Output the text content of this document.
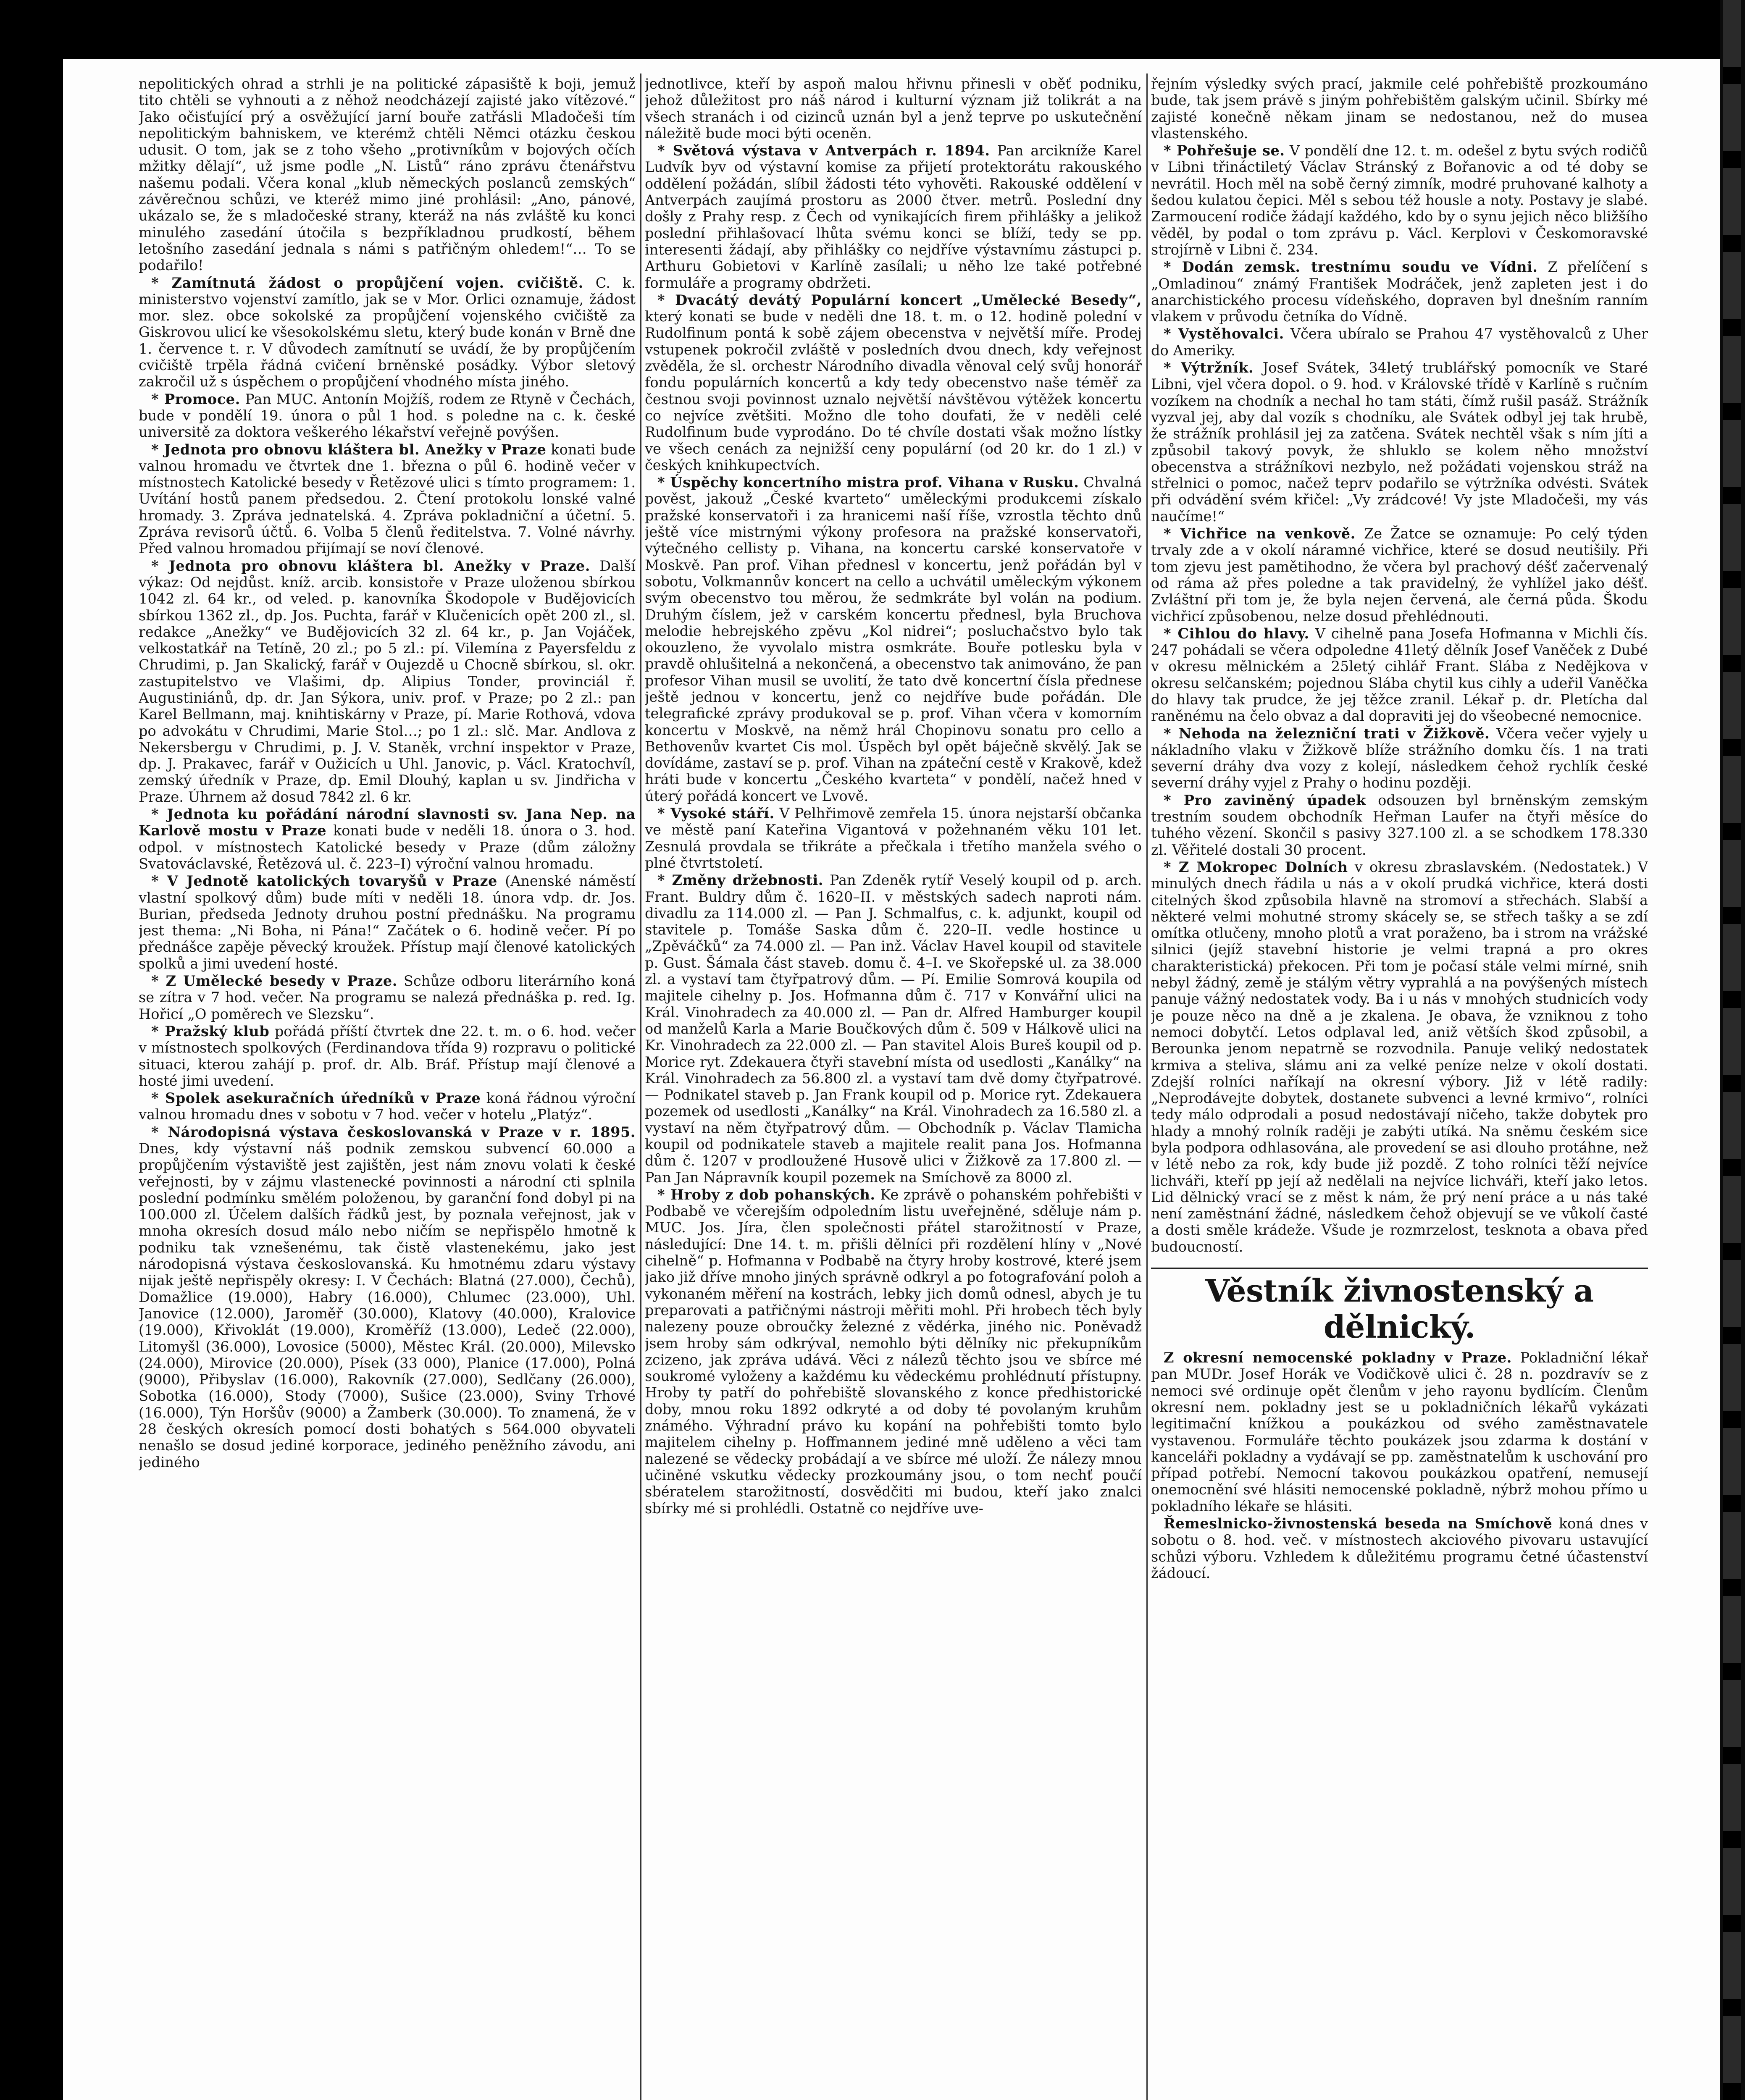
nepolitických ohrad a strhli je na politické zápasiště k boji, jemuž tito chtěli se vyhnouti a z něhož neodcházejí zajisté jako vítězové.“ Jako očisťující prý a osvěžující jarní bouře zatřásli Mladočeši tím nepolitickým bahniskem, ve kterémž chtěli Němci otázku českou udusit. O tom, jak se z toho všeho „protivníkům v bojových očích mžitky dělají“, už jsme podle „N. Listů“ ráno zprávu čtenářstvu našemu podali. Včera konal „klub německých poslanců zemských“ závěrečnou schůzi, ve kteréž mimo jiné prohlásil: „Ano, pánové, ukázalo se, že s mladočeské strany, kteráž na nás zvláště ku konci minulého zasedání útočila s bezpříkladnou prudkostí, během letošního zasedání jednala s námi s patřičným ohledem!“… To se podařilo!

* Zamítnutá žádost o propůjčení vojen. cvičiště. C. k. ministerstvo vojenství zamítlo, jak se v Mor. Orlici oznamuje, žádost mor. slez. obce sokolské za propůjčení vojenského cvičiště za Giskrovou ulicí ke všesokolskému sletu, který bude konán v Brně dne 1. července t. r. V důvodech zamítnutí se uvádí, že by propůjčením cvičiště trpěla řádná cvičení brněnské posádky. Výbor sletový zakročil už s úspěchem o propůjčení vhodného místa jiného.

* Promoce. Pan MUC. Antonín Mojžíš, rodem ze Rtyně v Čechách, bude v pondělí 19. února o půl 1 hod. s poledne na c. k. české universitě za doktora veškerého lékařství veřejně povýšen.

* Jednota pro obnovu kláštera bl. Anežky v Praze konati bude valnou hromadu ve čtvrtek dne 1. března o půl 6. hodině večer v místnostech Katolické besedy v Řetězové ulici s tímto programem: 1. Uvítání hostů panem předsedou. 2. Čtení protokolu lonské valné hromady. 3. Zpráva jednatelská. 4. Zpráva pokladniční a účetní. 5. Zpráva revisorů účtů. 6. Volba 5 členů ředitelstva. 7. Volné návrhy. Před valnou hromadou přijímají se noví členové.

* Jednota pro obnovu kláštera bl. Anežky v Praze. Další výkaz: Od nejdůst. kníž. arcib. konsistoře v Praze uloženou sbírkou 1042 zl. 64 kr., od veled. p. kanovníka Škodopole v Budějovicích sbírkou 1362 zl., dp. Jos. Puchta, farář v Klučenicích opět 200 zl., sl. redakce „Anežky“ ve Budějovicích 32 zl. 64 kr., p. Jan Vojáček, velkostatkář na Tetíně, 20 zl.; po 5 zl.: pí. Vilemína z Payersfeldu z Chrudimi, p. Jan Skalický, farář v Oujezdě u Chocně sbírkou, sl. okr. zastupitelstvo ve Vlašimi, dp. Alipius Tonder, provinciál ř. Augustiniánů, dp. dr. Jan Sýkora, univ. prof. v Praze; po 2 zl.: pan Karel Bellmann, maj. knihtiskárny v Praze, pí. Marie Rothová, vdova po advokátu v Chrudimi, Marie Stol…; po 1 zl.: slč. Mar. Andlova z Nekersbergu v Chrudimi, p. J. V. Staněk, vrchní inspektor v Praze, dp. J. Prakavec, farář v Oužicích u Uhl. Janovic, p. Václ. Kratochvíl, zemský úředník v Praze, dp. Emil Dlouhý, kaplan u sv. Jindřicha v Praze. Úhrnem až dosud 7842 zl. 6 kr.

* Jednota ku pořádání národní slavnosti sv. Jana Nep. na Karlově mostu v Praze konati bude v neděli 18. února o 3. hod. odpol. v místnostech Katolické besedy v Praze (dům záložny Svatováclavské, Řetězová ul. č. 223–I) výroční valnou hromadu.

* V Jednotě katolických tovaryšů v Praze (Anenské náměstí vlastní spolkový dům) bude míti v neděli 18. února vdp. dr. Jos. Burian, předseda Jednoty druhou postní přednášku. Na programu jest thema: „Ni Boha, ni Pána!“ Začátek o 6. hodině večer. Pí po přednášce zapěje pěvecký kroužek. Přístup mají členové katolických spolků a jimi uvedení hosté.

* Z Umělecké besedy v Praze. Schůze odboru literárního koná se zítra v 7 hod. večer. Na programu se nalezá přednáška p. red. Ig. Hořicí „O poměrech ve Slezsku“.

* Pražský klub pořádá příští čtvrtek dne 22. t. m. o 6. hod. večer v místnostech spolkových (Ferdinandova třída 9) rozpravu o politické situaci, kterou zahájí p. prof. dr. Alb. Bráf. Přístup mají členové a hosté jimi uvedení.

* Spolek asekuračních úředníků v Praze koná řádnou výroční valnou hromadu dnes v sobotu v 7 hod. večer v hotelu „Platýz“.

* Národopisná výstava českoslovanská v Praze v r. 1895. Dnes, kdy výstavní náš podnik zemskou subvencí 60.000 a propůjčením výstaviště jest zajištěn, jest nám znovu volati k české veřejnosti, by v zájmu vlastenecké povinnosti a národní cti splnila poslední podmínku smělém položenou, by garanční fond dobyl pi na 100.000 zl. Účelem dalších řádků jest, by poznala veřejnost, jak v mnoha okresích dosud málo nebo ničím se nepřispělo hmotně k podniku tak vznešenému, tak čistě vlastenekému, jako jest národopisná výstava českoslovanská. Ku hmotnému zdaru výstavy nijak ještě nepřispěly okresy: I. V Čechách: Blatná (27.000), Čechů), Domažlice (19.000), Habry (16.000), Chlumec (23.000), Uhl. Janovice (12.000), Jaroměř (30.000), Klatovy (40.000), Kralovice (19.000), Křivoklát (19.000), Kroměříž (13.000), Ledeč (22.000), Litomyšl (36.000), Lovosice (5000), Městec Král. (20.000), Milevsko (24.000), Mirovice (20.000), Písek (33 000), Planice (17.000), Polná (9000), Přibyslav (16.000), Rakovník (27.000), Sedlčany (26.000), Sobotka (16.000), Stody (7000), Sušice (23.000), Sviny Trhové (16.000), Týn Horšův (9000) a Žamberk (30.000). To znamená, že v 28 českých okresích pomocí dosti bohatých s 564.000 obyvateli nenašlo se dosud jediné korporace, jediného peněžního závodu, ani jediného

jednotlivce, kteří by aspoň malou hřivnu přinesli v oběť podniku, jehož důležitost pro náš národ i kulturní význam již tolikrát a na všech stranách i od cizinců uznán byl a jenž teprve po uskutečnění náležitě bude moci býti oceněn.

* Světová výstava v Antverpách r. 1894. Pan arcikníže Karel Ludvík byv od výstavní komise za přijetí protektorátu rakouského oddělení požádán, slíbil žádosti této vyhověti. Rakouské oddělení v Antverpách zaujímá prostoru as 2000 čtver. metrů. Poslední dny došly z Prahy resp. z Čech od vynikajících firem přihlášky a jelikož poslední přihlašovací lhůta svému konci se blíží, tedy se pp. interesenti žádají, aby přihlášky co nejdříve výstavnímu zástupci p. Arthuru Gobietovi v Karlíně zasílali; u něho lze také potřebné formuláře a programy obdržeti.

* Dvacátý devátý Populární koncert „Umělecké Besedy“, který konati se bude v neděli dne 18. t. m. o 12. hodině polední v Rudolfinum pontá k sobě zájem obecenstva v největší míře. Prodej vstupenek pokročil zvláště v posledních dvou dnech, kdy veřejnost zvěděla, že sl. orchestr Národního divadla věnoval celý svůj honorář fondu populárních koncertů a kdy tedy obecenstvo naše téměř za čestnou svoji povinnost uznalo největší návštěvou výtěžek koncertu co nejvíce zvětšiti. Možno dle toho doufati, že v neděli celé Rudolfinum bude vyprodáno. Do té chvíle dostati však možno lístky ve všech cenách za nejnižší ceny populární (od 20 kr. do 1 zl.) v českých knihkupectvích.

* Úspěchy koncertního mistra prof. Vihana v Rusku. Chvalná pověst, jakouž „České kvarteto“ uměleckými produkcemi získalo pražské konservatoři i za hranicemi naší říše, vzrostla těchto dnů ještě více mistrnými výkony profesora na pražské konservatoři, výtečného cellisty p. Vihana, na koncertu carské konservatoře v Moskvě. Pan prof. Vihan přednesl v koncertu, jenž pořádán byl v sobotu, Volkmannův koncert na cello a uchvátil uměleckým výkonem svým obecenstvo tou měrou, že sedmkráte byl volán na podium. Druhým číslem, jež v carském koncertu přednesl, byla Bruchova melodie hebrejského zpěvu „Kol nidrei“; posluchačstvo bylo tak okouzleno, že vyvolalo mistra osmkráte. Bouře potlesku byla v pravdě ohlušitelná a nekončená, a obecenstvo tak animováno, že pan profesor Vihan musil se uvolití, že tato dvě koncertní čísla přednese ještě jednou v koncertu, jenž co nejdříve bude pořádán. Dle telegrafické zprávy produkoval se p. prof. Vihan včera v komorním koncertu v Moskvě, na němž hrál Chopinovu sonatu pro cello a Bethovenův kvartet Cis mol. Úspěch byl opět báječně skvělý. Jak se dovídáme, zastaví se p. prof. Vihan na zpáteční cestě v Krakově, kdež hráti bude v koncertu „Českého kvarteta“ v pondělí, načež hned v úterý pořádá koncert ve Lvově.

* Vysoké stáří. V Pelhřimově zemřela 15. února nejstarší občanka ve městě paní Kateřina Vigantová v požehnaném věku 101 let. Zesnulá provdala se třikráte a přečkala i třetího manžela svého o plné čtvrtstoletí.

* Změny držebnosti. Pan Zdeněk rytíř Veselý koupil od p. arch. Frant. Buldry dům č. 1620–II. v městských sadech naproti nám. divadlu za 114.000 zl. — Pan J. Schmalfus, c. k. adjunkt, koupil od stavitele p. Tomáše Saska dům č. 220–II. vedle hostince u „Zpěváčků“ za 74.000 zl. — Pan inž. Václav Havel koupil od stavitele p. Gust. Šámala část staveb. domu č. 4–I. ve Skořepské ul. za 38.000 zl. a vystaví tam čtyřpatrový dům. — Pí. Emilie Somrová koupila od majitele cihelny p. Jos. Hofmanna dům č. 717 v Konvářní ulici na Král. Vinohradech za 40.000 zl. — Pan dr. Alfred Hamburger koupil od manželů Karla a Marie Boučkových dům č. 509 v Hálkově ulici na Kr. Vinohradech za 22.000 zl. — Pan stavitel Alois Bureš koupil od p. Morice ryt. Zdekauera čtyři stavební místa od usedlosti „Kanálky“ na Král. Vinohradech za 56.800 zl. a vystaví tam dvě domy čtyřpatrové. — Podnikatel staveb p. Jan Frank koupil od p. Morice ryt. Zdekauera pozemek od usedlosti „Kanálky“ na Král. Vinohradech za 16.580 zl. a vystaví na něm čtyřpatrový dům. — Obchodník p. Václav Tlamicha koupil od podnikatele staveb a majitele realit pana Jos. Hofmanna dům č. 1207 v prodloužené Husově ulici v Žižkově za 17.800 zl. — Pan Jan Nápravník koupil pozemek na Smíchově za 8000 zl.

* Hroby z dob pohanských. Ke zprávě o pohanském pohřebišti v Podbabě ve včerejším odpoledním listu uveřejněné, sděluje nám p. MUC. Jos. Jíra, člen společnosti přátel starožitností v Praze, následující: Dne 14. t. m. přišli dělníci při rozdělení hlíny v „Nové cihelně“ p. Hofmanna v Podbabě na čtyry hroby kostrové, které jsem jako již dříve mnoho jiných správně odkryl a po fotografování poloh a vykonaném měření na kostrách, lebky jich domů odnesl, abych je tu preparovati a patřičnými nástroji měřiti mohl. Při hrobech těch byly nalezeny pouze obroučky železné z vědérka, jiného nic. Poněvadž jsem hroby sám odkrýval, nemohlo býti dělníky nic překupníkům zcizeno, jak zpráva udává. Věci z nálezů těchto jsou ve sbírce mé soukromé vyloženy a každému ku vědeckému prohlédnutí přístupny. Hroby ty patří do pohřebiště slovanského z konce předhistorické doby, mnou roku 1892 odkryté a od doby té povolaným kruhům známého. Výhradní právo ku kopání na pohřebišti tomto bylo majitelem cihelny p. Hoffmannem jediné mně uděleno a věci tam nalezené se vědecky probádají a ve sbírce mé uloží. Že nálezy mnou učiněné vskutku vědecky prozkoumány jsou, o tom nechť poučí sbératelem starožitností, dosvědčiti mi budou, kteří jako znalci sbírky mé si prohlédli. Ostatně co nejdříve uve-

řejním výsledky svých prací, jakmile celé pohřebiště prozkoumáno bude, tak jsem právě s jiným pohřebištěm galským učinil. Sbírky mé zajisté konečně někam jinam se nedostanou, než do musea vlastenského.

* Pohřešuje se. V pondělí dne 12. t. m. odešel z bytu svých rodičů v Libni třináctiletý Václav Stránský z Bořanovic a od té doby se nevrátil. Hoch měl na sobě černý zimník, modré pruhované kalhoty a šedou kulatou čepici. Měl s sebou též housle a noty. Postavy je slabé. Zarmoucení rodiče žádají každého, kdo by o synu jejich něco bližšího věděl, by podal o tom zprávu p. Václ. Kerplovi v Českomoravské strojírně v Libni č. 234.

* Dodán zemsk. trestnímu soudu ve Vídni. Z přelíčení s „Omladinou“ známý František Modráček, jenž zapleten jest i do anarchistického procesu vídeňského, dopraven byl dnešním ranním vlakem v průvodu četníka do Vídně.

* Vystěhovalci. Včera ubíralo se Prahou 47 vystěhovalců z Uher do Ameriky.

* Výtržník. Josef Svátek, 34letý trublářský pomocník ve Staré Libni, vjel včera dopol. o 9. hod. v Královské třídě v Karlíně s ručním vozíkem na chodník a nechal ho tam státi, čímž rušil pasáž. Strážník vyzval jej, aby dal vozík s chodníku, ale Svátek odbyl jej tak hrubě, že strážník prohlásil jej za zatčena. Svátek nechtěl však s ním jíti a způsobil takový povyk, že shluklo se kolem něho množství obecenstva a strážníkovi nezbylo, než požádati vojenskou stráž na střelnici o pomoc, načež teprv podařilo se výtržníka odvésti. Svátek při odvádění svém křičel: „Vy zrádcové! Vy jste Mladočeši, my vás naučíme!“

* Vichřice na venkově. Ze Žatce se oznamuje: Po celý týden trvaly zde a v okolí náramné vichřice, které se dosud neutišily. Při tom zjevu jest pamětihodno, že včera byl prachový déšť začervenalý od ráma až přes poledne a tak pravidelný, že vyhlížel jako déšť. Zvláštní při tom je, že byla nejen červená, ale černá půda. Škodu vichřicí způsobenou, nelze dosud přehlédnouti.

* Cihlou do hlavy. V cihelně pana Josefa Hofmanna v Michli čís. 247 pohádali se včera odpoledne 41letý dělník Josef Vaněček z Dubé v okresu mělnickém a 25letý cihlář Frant. Slába z Nedějkova v okresu selčanském; pojednou Slába chytil kus cihly a udeřil Vaněčka do hlavy tak prudce, že jej těžce zranil. Lékař p. dr. Pletícha dal raněnému na čelo obvaz a dal dopraviti jej do všeobecné nemocnice.

* Nehoda na železniční trati v Žižkově. Včera večer vyjely u nákladního vlaku v Žižkově blíže strážního domku čís. 1 na trati severní dráhy dva vozy z kolejí, následkem čehož rychlík české severní dráhy vyjel z Prahy o hodinu později.

* Pro zaviněný úpadek odsouzen byl brněnským zemským trestním soudem obchodník Heřman Laufer na čtyři měsíce do tuhého vězení. Skončil s pasivy 327.100 zl. a se schodkem 178.330 zl. Věřitelé dostali 30 procent.

* Z Mokropec Dolních v okresu zbraslavském. (Nedostatek.) V minulých dnech řádila u nás a v okolí prudká vichřice, která dosti citelných škod způsobila hlavně na stromoví a střechách. Slabší a některé velmi mohutné stromy skácely se, se střech tašky a se zdí omítka otlučeny, mnoho plotů a vrat poraženo, ba i strom na vrážské silnici (jejíž stavební historie je velmi trapná a pro okres charakteristická) překocen. Při tom je počasí stále velmi mírné, snih nebyl žádný, země je stálým větry vyprahlá a na povýšených místech panuje vážný nedostatek vody. Ba i u nás v mnohých studnicích vody je pouze něco na dně a je zkalena. Je obava, že vzniknou z toho nemoci dobytčí. Letos odplaval led, aniž větších škod způsobil, a Berounka jenom nepatrně se rozvodnila. Panuje veliký nedostatek krmiva a steliva, slámu ani za velké peníze nelze v okolí dostati. Zdejší rolníci naříkají na okresní výbory. Již v létě radily: „Neprodávejte dobytek, dostanete subvenci a levné krmivo“, rolníci tedy málo odprodali a posud nedostávají ničeho, takže dobytek pro hlady a mnohý rolník raději je zabýti utíká. Na sněmu českém sice byla podpora odhlasována, ale provedení se asi dlouho protáhne, než v létě nebo za rok, kdy bude již pozdě. Z toho rolníci těží nejvíce lichváři, kteří pp její až nedělali na nejvíce lichváři, kteří jako letos. Lid dělnický vrací se z měst k nám, že prý není práce a u nás také není zaměstnání žádné, následkem čehož objevují se ve vůkolí časté a dosti směle krádeže. Všude je rozmrzelost, tesknota a obava před budoucností.

Věstník živnostenský a dělnický.

Z okresní nemocenské pokladny v Praze. Pokladniční lékař pan MUDr. Josef Horák ve Vodičkově ulici č. 28 n. pozdravív se z nemoci své ordinuje opět členům v jeho rayonu bydlícím. Členům okresní nem. pokladny jest se u pokladničních lékařů vykázati legitimační knížkou a poukázkou od svého zaměstnavatele vystavenou. Formuláře těchto poukázek jsou zdarma k dostání v kanceláři pokladny a vydávají se pp. zaměstnatelům k uschování pro případ potřebí. Nemocní takovou poukázkou opatření, nemusejí onemocnění své hlásiti nemocenské pokladně, nýbrž mohou přímo u pokladního lékaře se hlásiti.

Řemeslnicko-živnostenská beseda na Smíchově koná dnes v sobotu o 8. hod. več. v místnostech akciového pivovaru ustavující schůzi výboru. Vzhledem k důležitému programu četné účastenství žádoucí.
